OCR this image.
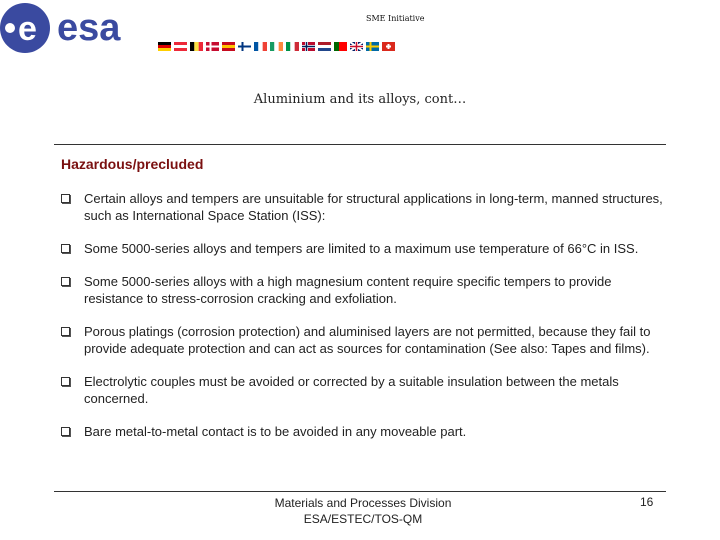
e esa	SME Initiative
Aluminium and its alloys, cont…
Hazardous/precluded
Certain alloys and tempers are unsuitable for structural applications in long-term, manned structures, such as International Space Station (ISS):
Some 5000-series alloys and tempers are limited to a maximum use temperature of 66°C in ISS.
Some 5000-series alloys with a high magnesium content require specific tempers to provide resistance to stress-corrosion cracking and exfoliation.
Porous platings (corrosion protection) and aluminised layers are not permitted, because they fail to provide adequate protection and can act as sources for contamination (See also: Tapes and films).
Electrolytic couples must be avoided or corrected by a suitable insulation between the metals concerned.
Bare metal-to-metal contact is to be avoided in any moveable part.
Materials and Processes Division
ESA/ESTEC/TOS-QM
16
